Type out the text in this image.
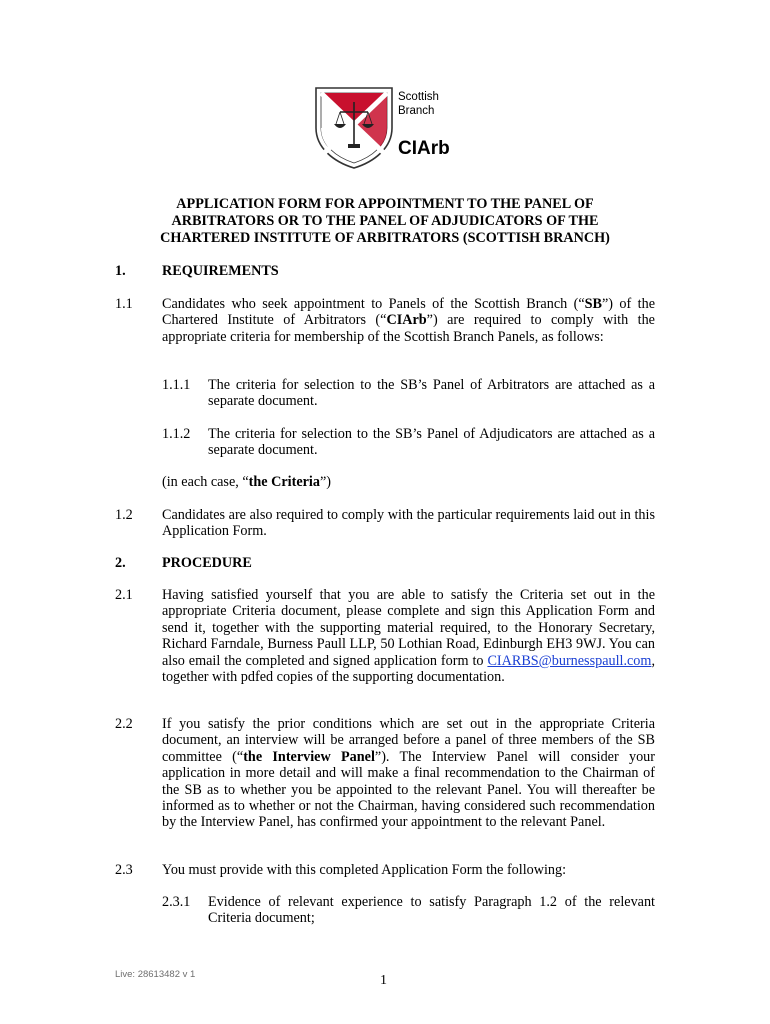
Scottish
Branch
CIArb
APPLICATION FORM FOR APPOINTMENT TO THE PANEL OF
ARBITRATORS OR TO THE PANEL OF ADJUDICATORS OF THE
CHARTERED INSTITUTE OF ARBITRATORS (SCOTTISH BRANCH)
1.	REQUIREMENTS
1.1 Candidates who seek appointment to Panels of the Scottish Branch (“SB”) of the Chartered Institute of Arbitrators (“CIArb”) are required to comply with the appropriate criteria for membership of the Scottish Branch Panels, as follows:
1.1.1 The criteria for selection to the SB’s Panel of Arbitrators are attached as a separate document.
1.1.2 The criteria for selection to the SB’s Panel of Adjudicators are attached as a separate document.
(in each case, “the Criteria”)
1.2 Candidates are also required to comply with the particular requirements laid out in this Application Form.
2.	PROCEDURE
2.1 Having satisfied yourself that you are able to satisfy the Criteria set out in the appropriate Criteria document, please complete and sign this Application Form and send it, together with the supporting material required, to the Honorary Secretary, Richard Farndale, Burness Paull LLP, 50 Lothian Road, Edinburgh EH3 9WJ. You can also email the completed and signed application form to CIARBS@burnesspaull.com, together with pdfed copies of the supporting documentation.
2.2 If you satisfy the prior conditions which are set out in the appropriate Criteria document, an interview will be arranged before a panel of three members of the SB committee (“the Interview Panel”). The Interview Panel will consider your application in more detail and will make a final recommendation to the Chairman of the SB as to whether you be appointed to the relevant Panel. You will thereafter be informed as to whether or not the Chairman, having considered such recommendation by the Interview Panel, has confirmed your appointment to the relevant Panel.
2.3 You must provide with this completed Application Form the following:
2.3.1 Evidence of relevant experience to satisfy Paragraph 1.2 of the relevant Criteria document;
Live: 28613482 v 1	1
